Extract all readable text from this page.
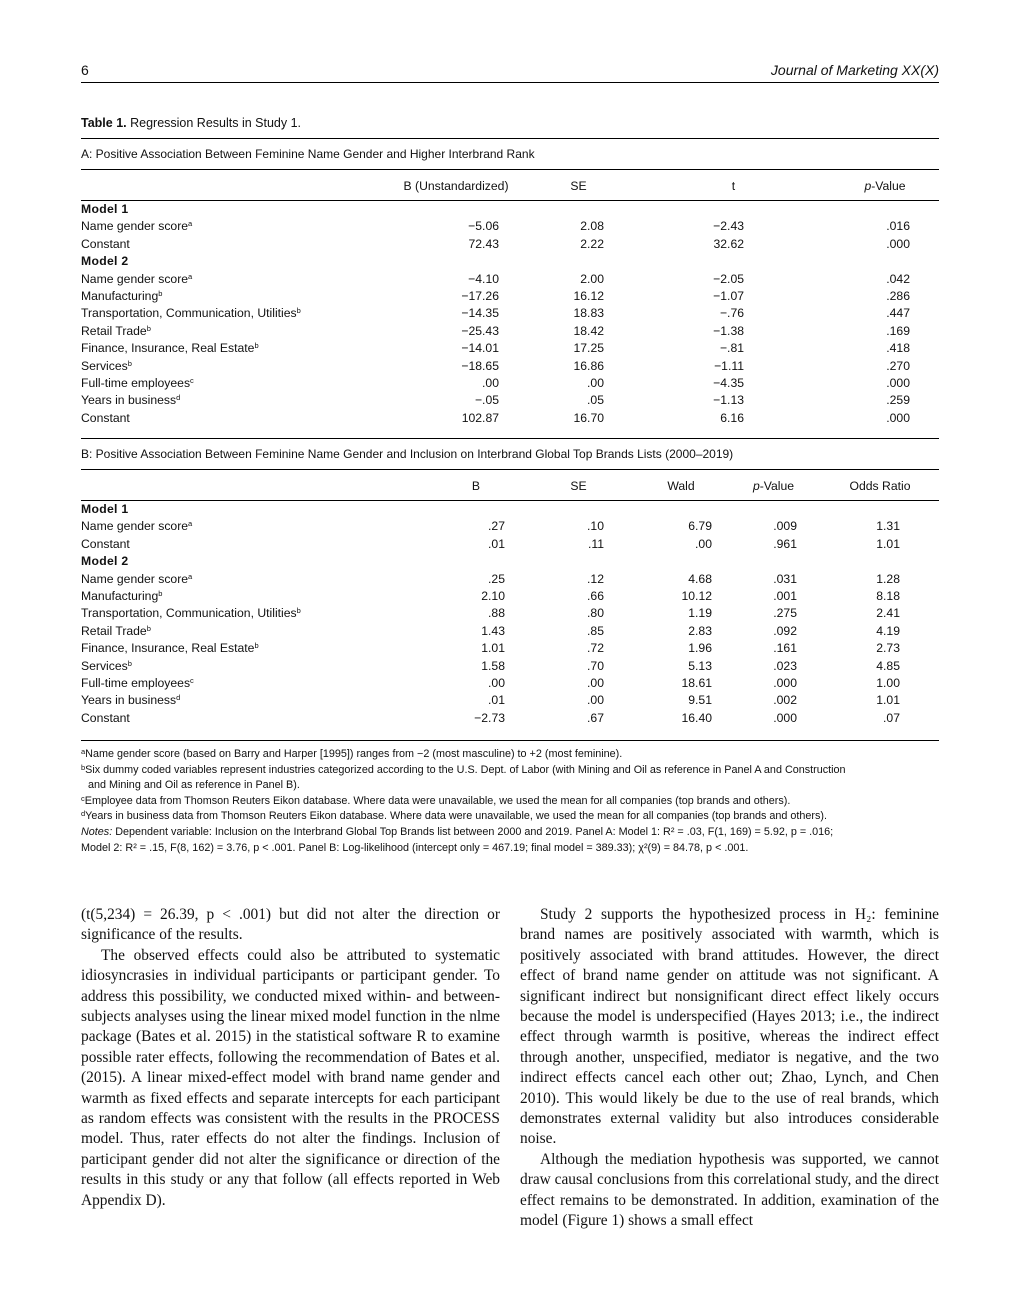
6	Journal of Marketing XX(X)
Table 1. Regression Results in Study 1.
A: Positive Association Between Feminine Name Gender and Higher Interbrand Rank
	B (Unstandardized)	SE	t	p-Value
Model 1				
Name gender score$^a$	−5.06	2.08	−2.43	.016
Constant	72.43	2.22	32.62	.000
Model 2				
Name gender score$^a$	−4.10	2.00	−2.05	.042
Manufacturing$^b$	−17.26	16.12	−1.07	.286
Transportation, Communication, Utilities$^b$	−14.35	18.83	−.76	.447
Retail Trade$^b$	−25.43	18.42	−1.38	.169
Finance, Insurance, Real Estate$^b$	−14.01	17.25	−.81	.418
Services$^b$	−18.65	16.86	−1.11	.270
Full-time employees$^c$	.00	.00	−4.35	.000
Years in business$^d$	−.05	.05	−1.13	.259
Constant	102.87	16.70	6.16	.000
B: Positive Association Between Feminine Name Gender and Inclusion on Interbrand Global Top Brands Lists (2000–2019)
	B	SE	Wald	p-Value	Odds Ratio
Model 1					
Name gender score$^a$	.27	.10	6.79	.009	1.31
Constant	.01	.11	.00	.961	1.01
Model 2					
Name gender score$^a$	.25	.12	4.68	.031	1.28
Manufacturing$^b$	2.10	.66	10.12	.001	8.18
Transportation, Communication, Utilities$^b$	.88	.80	1.19	.275	2.41
Retail Trade$^b$	1.43	.85	2.83	.092	4.19
Finance, Insurance, Real Estate$^b$	1.01	.72	1.96	.161	2.73
Services$^b$	1.58	.70	5.13	.023	4.85
Full-time employees$^c$	.00	.00	18.61	.000	1.00
Years in business$^d$	.01	.00	9.51	.002	1.01
Constant	−2.73	.67	16.40	.000	.07

$^a$Name gender score (based on Barry and Harper [1995]) ranges from −2 (most masculine) to +2 (most feminine).

$^b$Six dummy coded variables represent industries categorized according to the U.S. Dept. of Labor (with Mining and Oil as reference in Panel A and Construction

and Mining and Oil as reference in Panel B).

$^c$Employee data from Thomson Reuters Eikon database. Where data were unavailable, we used the mean for all companies (top brands and others).

$^d$Years in business data from Thomson Reuters Eikon database. Where data were unavailable, we used the mean for all companies (top brands and others).

Notes: Dependent variable: Inclusion on the Interbrand Global Top Brands list between 2000 and 2019. Panel A: Model 1: R² = .03, F(1, 169) = 5.92, p = .016;

Model 2: R² = .15, F(8, 162) = 3.76, p < .001. Panel B: Log-likelihood (intercept only = 467.19; final model = 389.33); χ²(9) = 84.78, p < .001.

(t(5,234) = 26.39, p < .001) but did not alter the direction or significance of the results.

The observed effects could also be attributed to systematic idiosyncrasies in individual participants or participant gender. To address this possibility, we conducted mixed within- and between-subjects analyses using the linear mixed model function in the nlme package (Bates et al. 2015) in the statistical software R to examine possible rater effects, following the recommendation of Bates et al. (2015). A linear mixed-effect model with brand name gender and warmth as fixed effects and separate intercepts for each participant as random effects was consistent with the results in the PROCESS model. Thus, rater effects do not alter the findings. Inclusion of participant gender did not alter the significance or direction of the results in this study or any that follow (all effects reported in Web Appendix D).

Study 2 supports the hypothesized process in H₂: feminine brand names are positively associated with warmth, which is positively associated with brand attitudes. However, the direct effect of brand name gender on attitude was not significant. A significant indirect but nonsignificant direct effect likely occurs because the model is underspecified (Hayes 2013; i.e., the indirect effect through warmth is positive, whereas the indirect effect through another, unspecified, mediator is negative, and the two indirect effects cancel each other out; Zhao, Lynch, and Chen 2010). This would likely be due to the use of real brands, which demonstrates external validity but also introduces considerable noise.

Although the mediation hypothesis was supported, we cannot draw causal conclusions from this correlational study, and the direct effect remains to be demonstrated. In addition, examination of the model (Figure 1) shows a small effect
